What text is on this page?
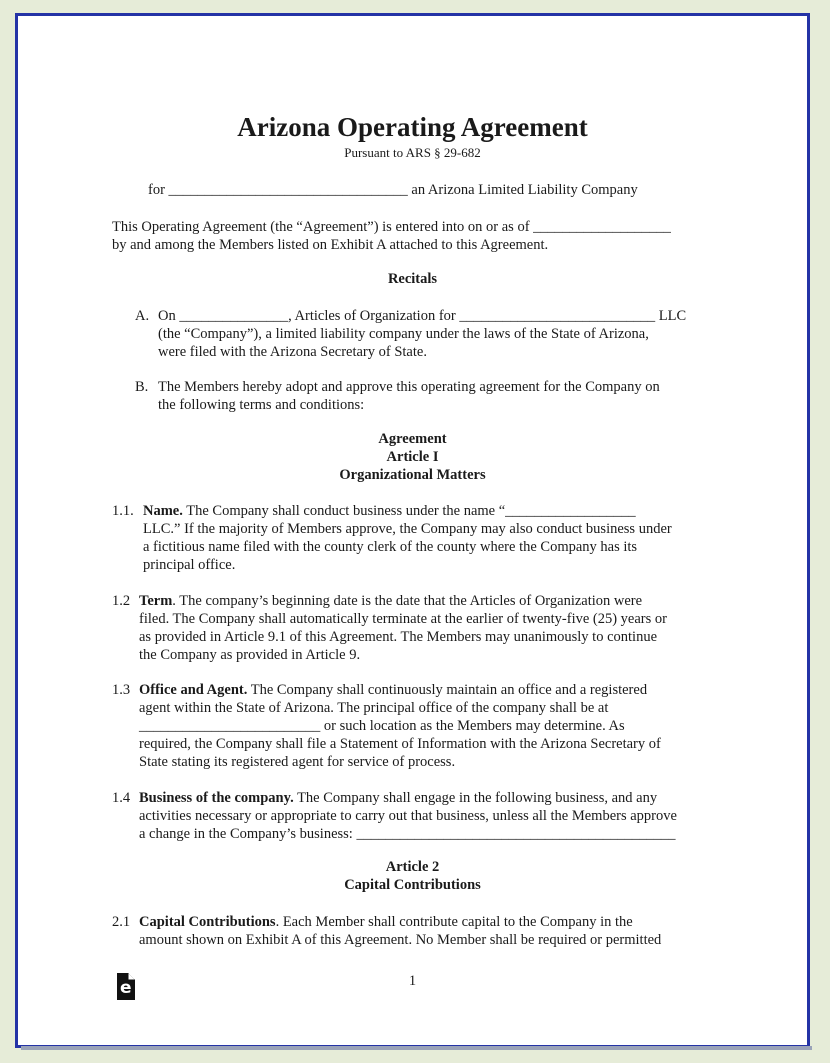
Arizona Operating Agreement
Pursuant to ARS § 29-682
for _________________________________ an Arizona Limited Liability Company
This Operating Agreement (the “Agreement”) is entered into on or as of ___________________
by and among the Members listed on Exhibit A attached to this Agreement.
Recitals
A. On _______________, Articles of Organization for ___________________________ LLC
(the “Company”), a limited liability company under the laws of the State of Arizona,
were filed with the Arizona Secretary of State.
B. The Members hereby adopt and approve this operating agreement for the Company on
the following terms and conditions:
Agreement
Article I
Organizational Matters
1.1. Name. The Company shall conduct business under the name “__________________
LLC.” If the majority of Members approve, the Company may also conduct business under
a fictitious name filed with the county clerk of the county where the Company has its
principal office.
1.2 Term. The company’s beginning date is the date that the Articles of Organization were
filed. The Company shall automatically terminate at the earlier of twenty-five (25) years or
as provided in Article 9.1 of this Agreement. The Members may unanimously to continue
the Company as provided in Article 9.
1.3 Office and Agent. The Company shall continuously maintain an office and a registered
agent within the State of Arizona. The principal office of the company shall be at
_________________________ or such location as the Members may determine. As
required, the Company shall file a Statement of Information with the Arizona Secretary of
State stating its registered agent for service of process.
1.4 Business of the company. The Company shall engage in the following business, and any
activities necessary or appropriate to carry out that business, unless all the Members approve
a change in the Company’s business: ____________________________________________
Article 2
Capital Contributions
2.1 Capital Contributions. Each Member shall contribute capital to the Company in the
amount shown on Exhibit A of this Agreement. No Member shall be required or permitted
1
e
